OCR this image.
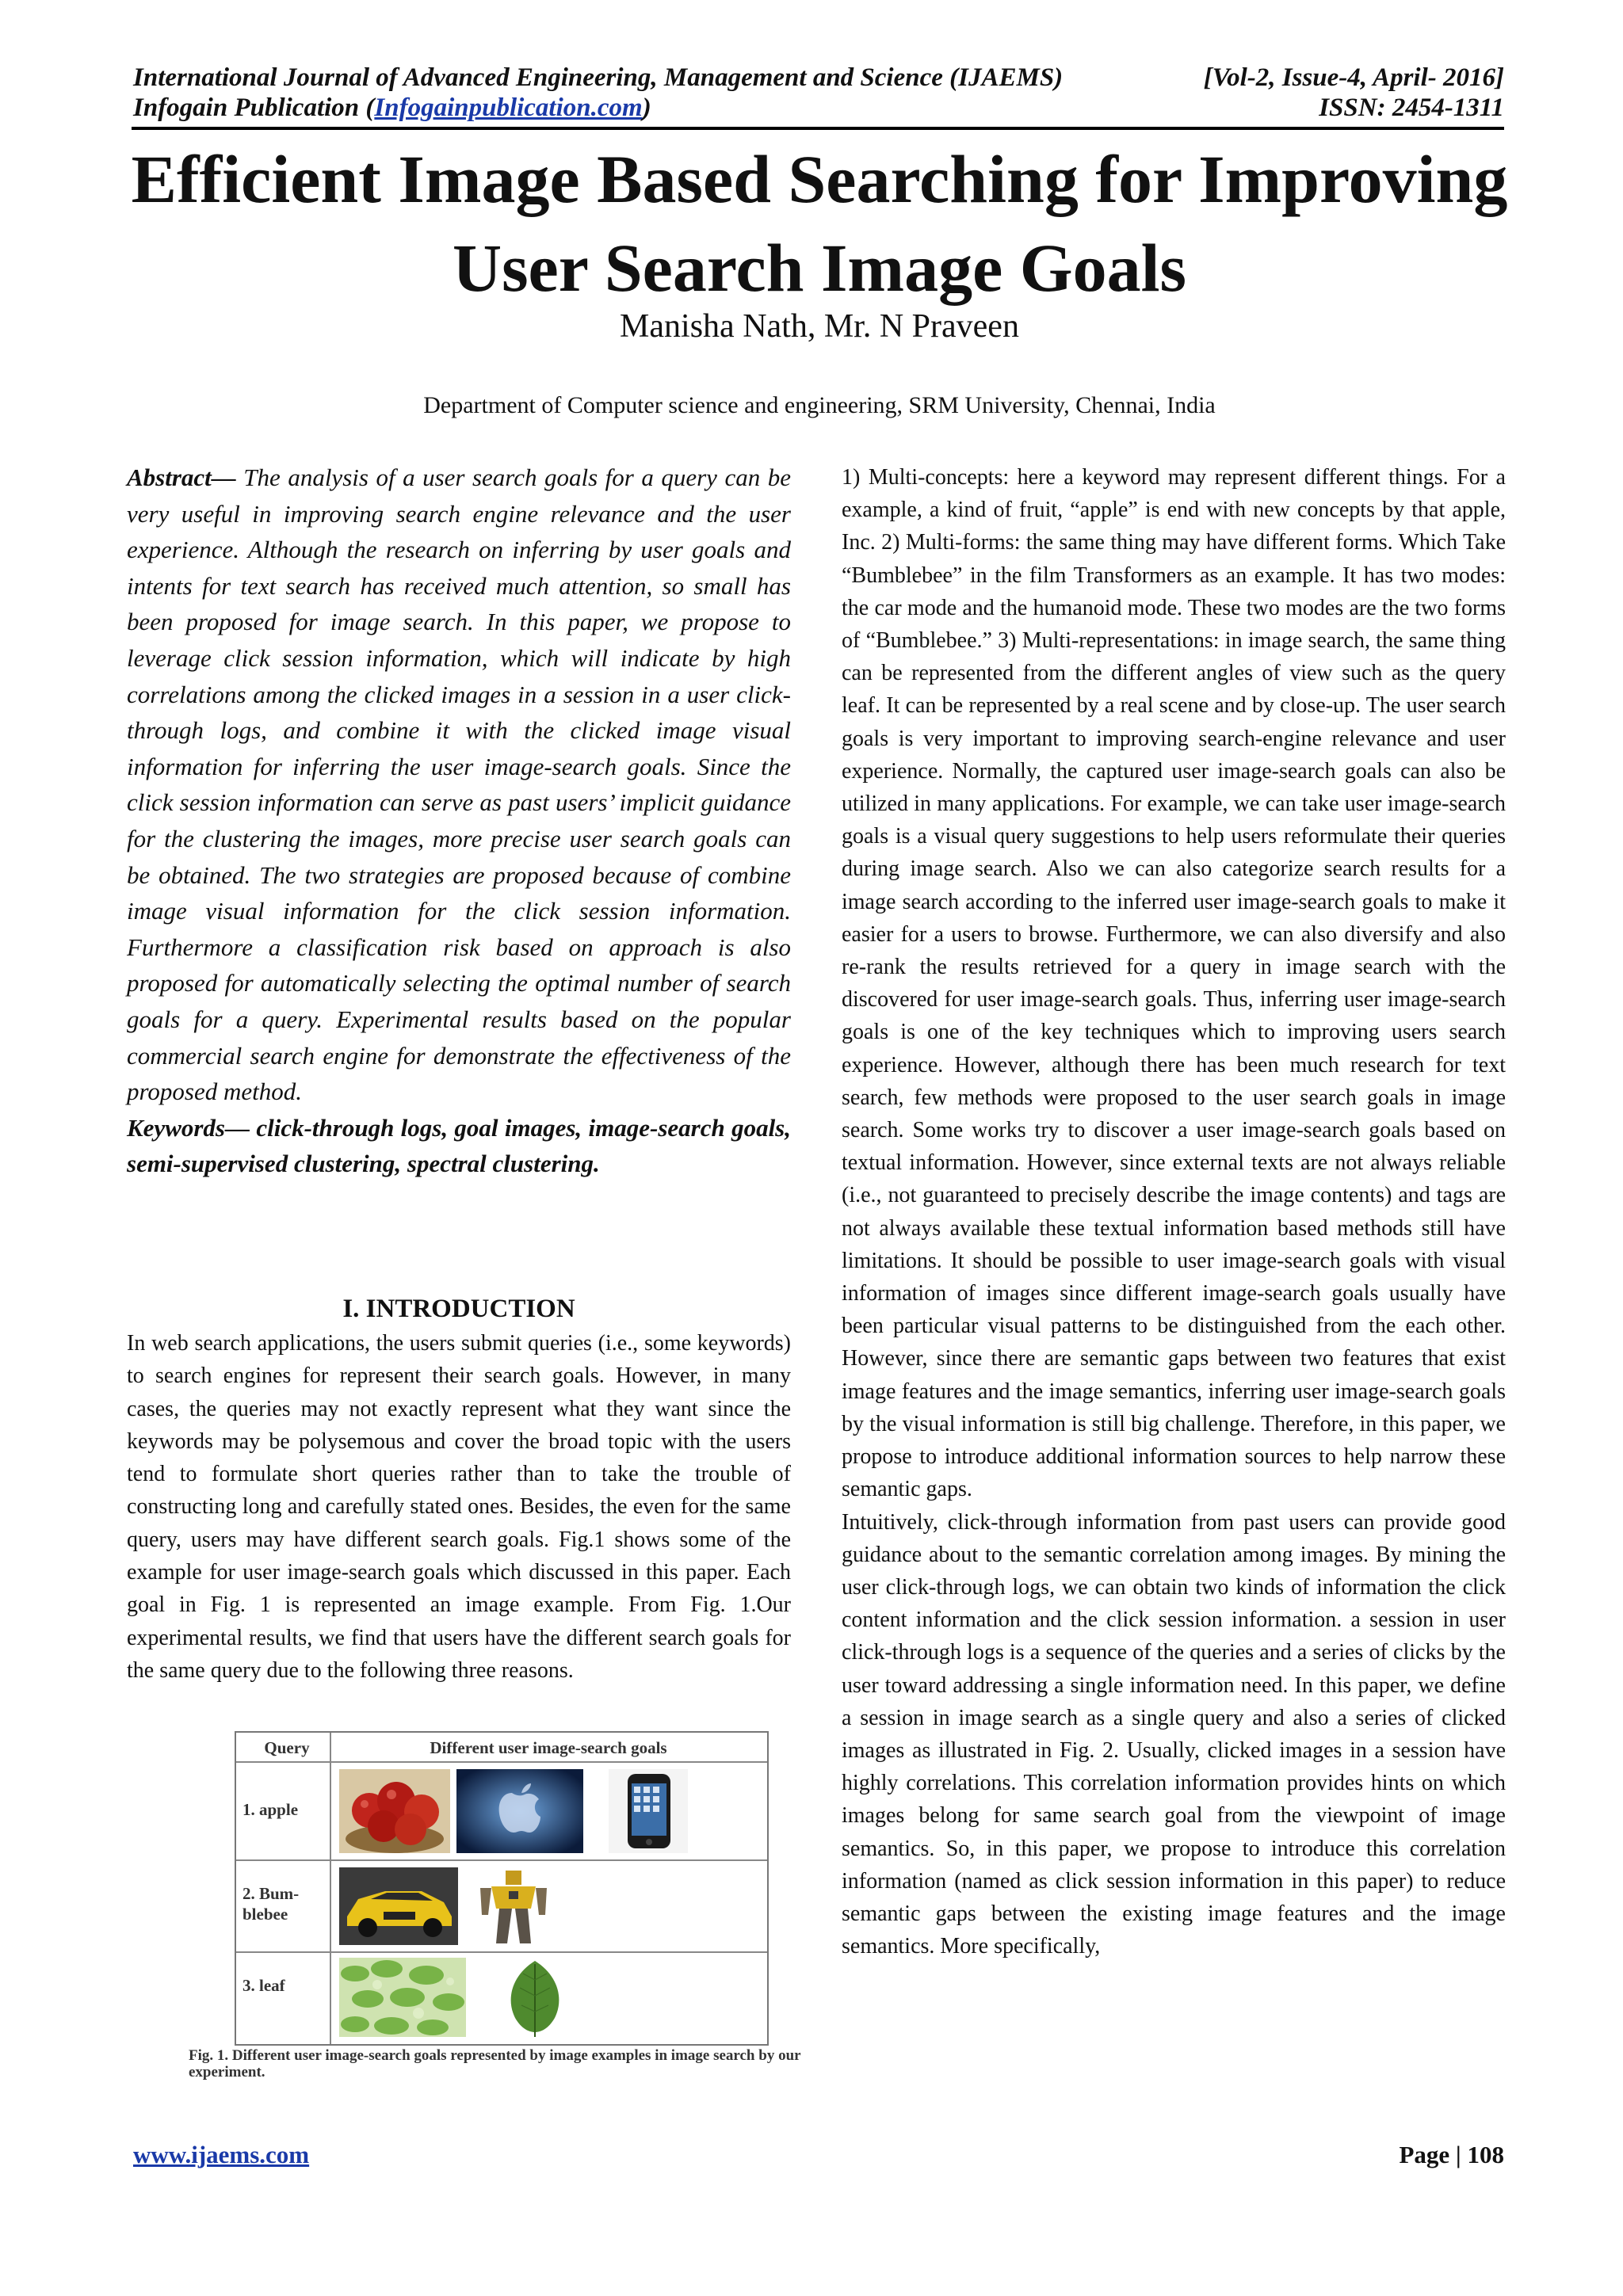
International Journal of Advanced Engineering, Management and Science (IJAEMS)	[Vol-2, Issue-4, April- 2016]
Infogain Publication (Infogainpublication.com)	ISSN: 2454-1311
Efficient Image Based Searching for Improving
User Search Image Goals
Manisha Nath, Mr. N Praveen
Department of Computer science and engineering, SRM University, Chennai, India

Abstract— The analysis of a user search goals for a query can be very useful in improving search engine relevance and the user experience. Although the research on inferring by user goals and intents for text search has received much attention, so small has been proposed for image search. In this paper, we propose to leverage click session information, which will indicate by high correlations among the clicked images in a session in a user click-through logs, and combine it with the clicked image visual information for inferring the user image-search goals. Since the click session information can serve as past users’ implicit guidance for the clustering the images, more precise user search goals can be obtained. The two strategies are proposed because of combine image visual information for the click session information. Furthermore a classification risk based on approach is also proposed for automatically selecting the optimal number of search goals for a query. Experimental results based on the popular commercial search engine for demonstrate the effectiveness of the proposed method.

Keywords— click-through logs, goal images, image-search goals, semi-supervised clustering, spectral clustering.

I. INTRODUCTION
In web search applications, the users submit queries (i.e., some keywords) to search engines for represent their search goals. However, in many cases, the queries may not exactly represent what they want since the keywords may be polysemous and cover the broad topic with the users tend to formulate short queries rather than to take the trouble of constructing long and carefully stated ones. Besides, the even for the same query, users may have different search goals. Fig.1 shows some of the example for user image-search goals which discussed in this paper. Each goal in Fig. 1 is represented an image example. From Fig. 1.Our experimental results, we find that users have the different search goals for the same query due to the following three reasons.
Query	Different user image-search goals
1. apple
2. Bum-blebee
3. leaf
Fig. 1. Different user image-search goals represented by image examples in image search by our experiment.

1) Multi-concepts: here a keyword may represent different things. For a example, a kind of fruit, “apple” is end with new concepts by that apple, Inc. 2) Multi-forms: the same thing may have different forms. Which Take “Bumblebee” in the film Transformers as an example. It has two modes: the car mode and the humanoid mode. These two modes are the two forms of “Bumblebee.” 3) Multi-representations: in image search, the same thing can be represented from the different angles of view such as the query leaf. It can be represented by a real scene and by close-up. The user search goals is very important to improving search-engine relevance and user experience. Normally, the captured user image-search goals can also be utilized in many applications. For example, we can take user image-search goals is a visual query suggestions to help users reformulate their queries during image search. Also we can also categorize search results for a image search according to the inferred user image-search goals to make it easier for a users to browse. Furthermore, we can also diversify and also re-rank the results retrieved for a query in image search with the discovered for user image-search goals. Thus, inferring user image-search goals is one of the key techniques which to improving users search experience. However, although there has been much research for text search, few methods were proposed to the user search goals in image search. Some works try to discover a user image-search goals based on textual information. However, since external texts are not always reliable (i.e., not guaranteed to precisely describe the image contents) and tags are not always available these textual information based methods still have limitations. It should be possible to user image-search goals with visual information of images since different image-search goals usually have been particular visual patterns to be distinguished from the each other. However, since there are semantic gaps between two features that exist image features and the image semantics, inferring user image-search goals by the visual information is still big challenge. Therefore, in this paper, we propose to introduce additional information sources to help narrow these semantic gaps.

Intuitively, click-through information from past users can provide good guidance about to the semantic correlation among images. By mining the user click-through logs, we can obtain two kinds of information the click content information and the click session information. a session in user click-through logs is a sequence of the queries and a series of clicks by the user toward addressing a single information need. In this paper, we define a session in image search as a single query and also a series of clicked images as illustrated in Fig. 2. Usually, clicked images in a session have highly correlations. This correlation information provides hints on which images belong for same search goal from the viewpoint of image semantics. So, in this paper, we propose to introduce this correlation information (named as click session information in this paper) to reduce semantic gaps between the existing image features and the image semantics. More specifically,

www.ijaems.com	Page | 108
